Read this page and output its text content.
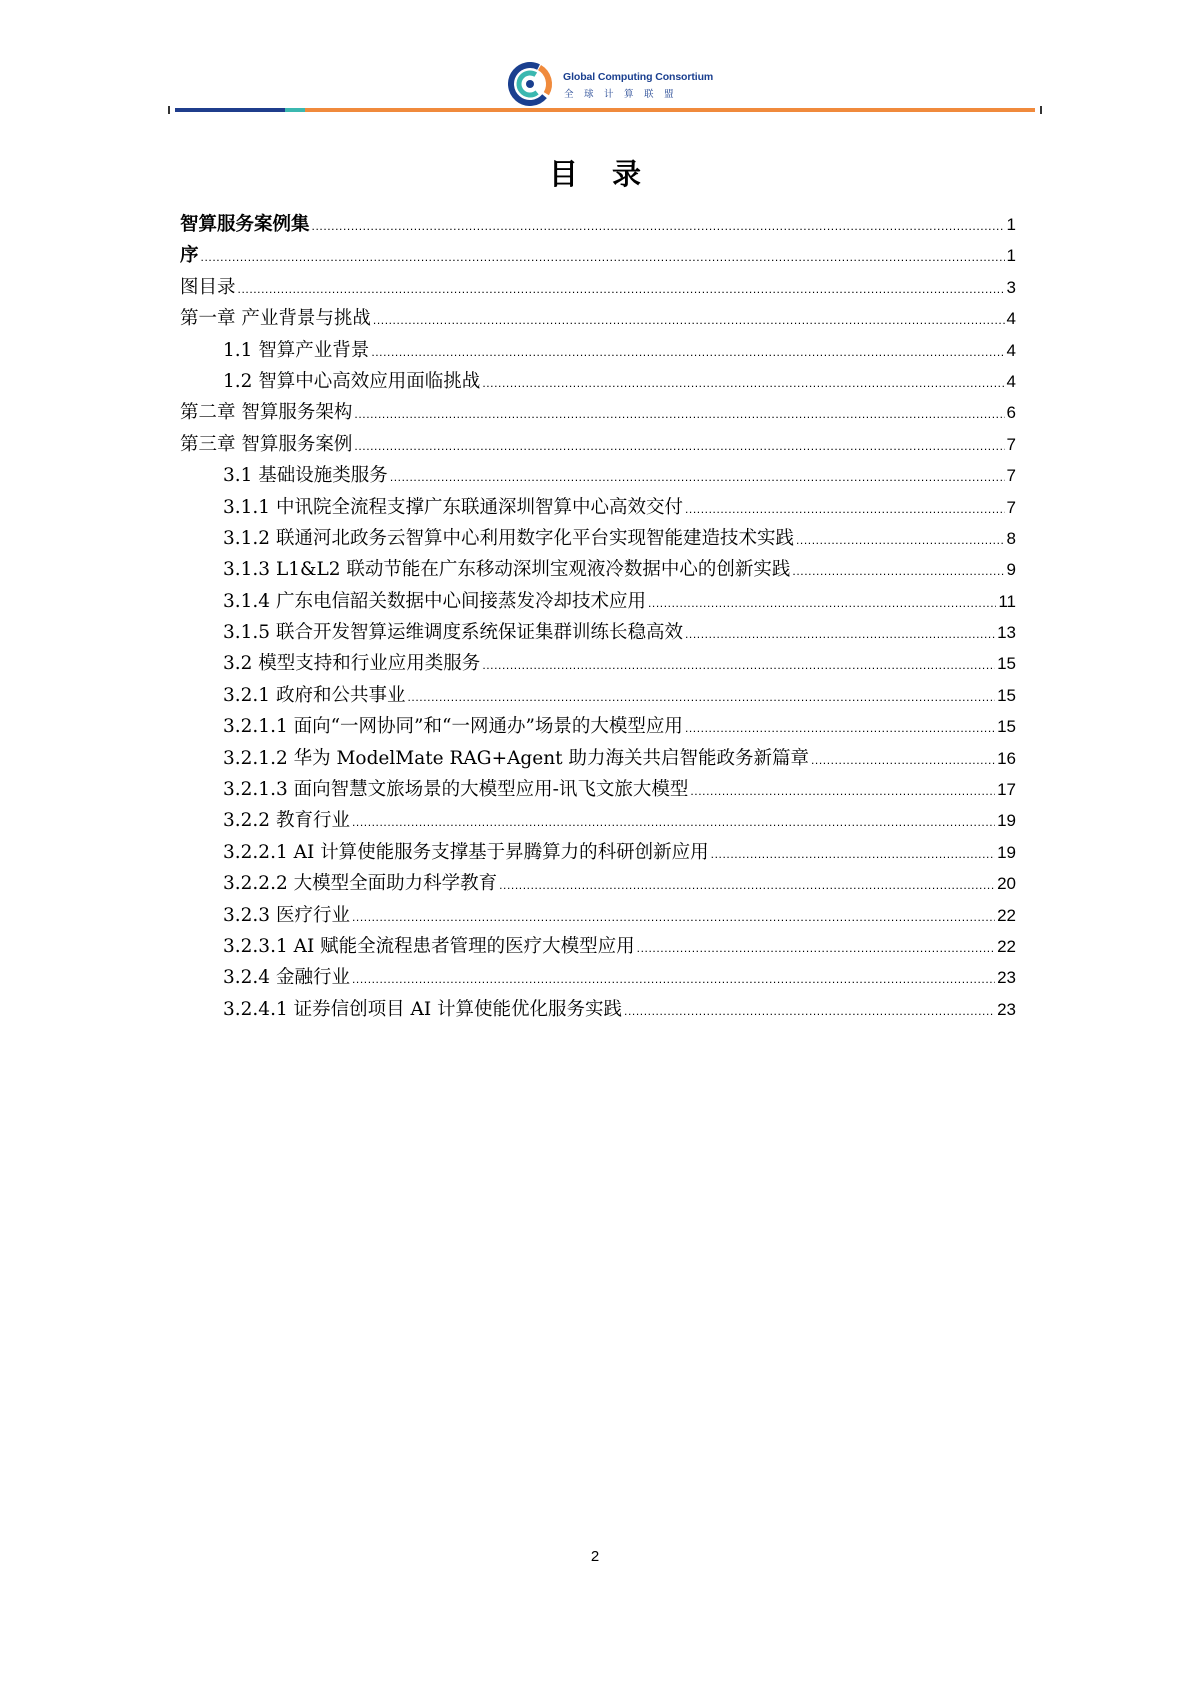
Global Computing Consortium
全球计算联盟
目录
智算服务案例集 .....	1
序 .....	1
图目录 .....	3
第一章 产业背景与挑战 .....	4
1.1 智算产业背景 .....	4
1.2 智算中心高效应用面临挑战 .....	4
第二章 智算服务架构 .....	6
第三章 智算服务案例 .....	7
3.1 基础设施类服务 .....	7
3.1.1 中讯院全流程支撑广东联通深圳智算中心高效交付 .....	7
3.1.2 联通河北政务云智算中心利用数字化平台实现智能建造技术实践 .....	8
3.1.3 L1&L2 联动节能在广东移动深圳宝观液冷数据中心的创新实践 .....	9
3.1.4 广东电信韶关数据中心间接蒸发冷却技术应用 .....	11
3.1.5 联合开发智算运维调度系统保证集群训练长稳高效 .....	13
3.2 模型支持和行业应用类服务 .....	15
3.2.1 政府和公共事业 .....	15
3.2.1.1 面向“一网协同”和“一网通办”场景的大模型应用 .....	15
3.2.1.2 华为 ModelMate RAG+Agent 助力海关共启智能政务新篇章 .....	16
3.2.1.3 面向智慧文旅场景的大模型应用-讯飞文旅大模型 .....	17
3.2.2 教育行业 .....	19
3.2.2.1 AI 计算使能服务支撑基于昇腾算力的科研创新应用 .....	19
3.2.2.2 大模型全面助力科学教育 .....	20
3.2.3 医疗行业 .....	22
3.2.3.1 AI 赋能全流程患者管理的医疗大模型应用 .....	22
3.2.4 金融行业 .....	23
3.2.4.1 证券信创项目 AI 计算使能优化服务实践 .....	23
2
